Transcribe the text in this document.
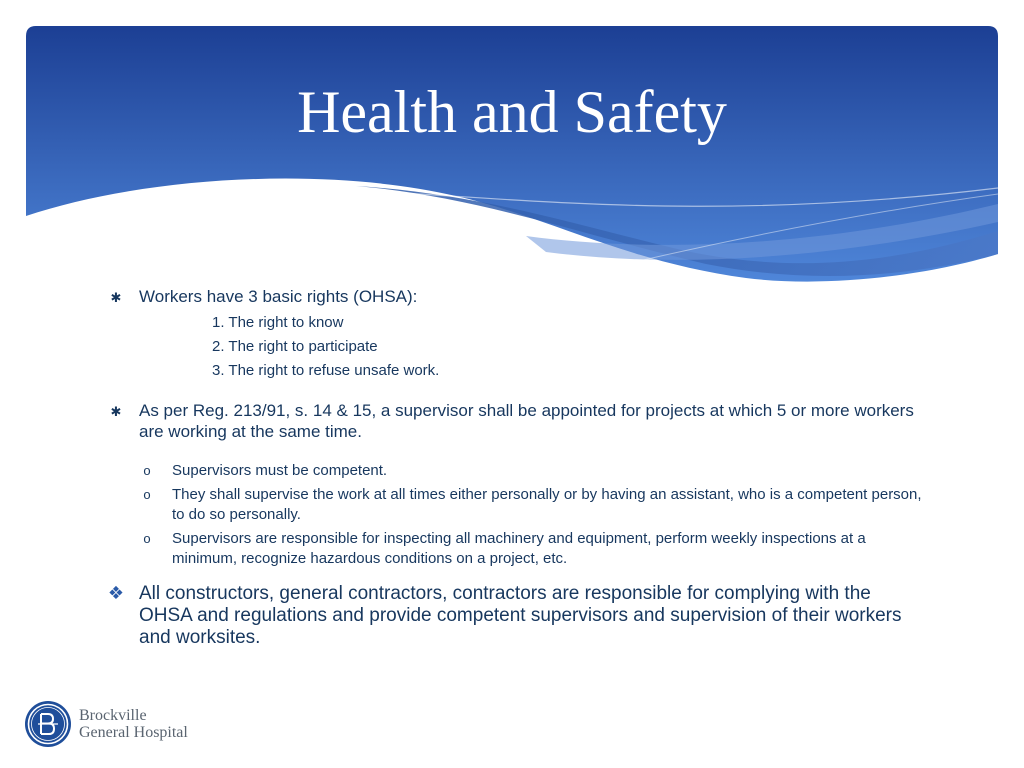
Health and Safety
✱ Workers have 3 basic rights (OHSA):
1. The right to know
2. The right to participate
3. The right to refuse unsafe work.
✱ As per Reg. 213/91, s. 14 & 15, a supervisor shall be appointed for projects at which 5 or more workers are working at the same time.
o Supervisors must be competent.
o They shall supervise the work at all times either personally or by having an assistant, who is a competent person, to do so personally.
o Supervisors are responsible for inspecting all machinery and equipment, perform weekly inspections at a minimum, recognize hazardous conditions on a project, etc.
❖ All constructors, general contractors, contractors are responsible for complying with the OHSA and regulations and provide competent supervisors and supervision of their workers and worksites.
Brockville
General Hospital
